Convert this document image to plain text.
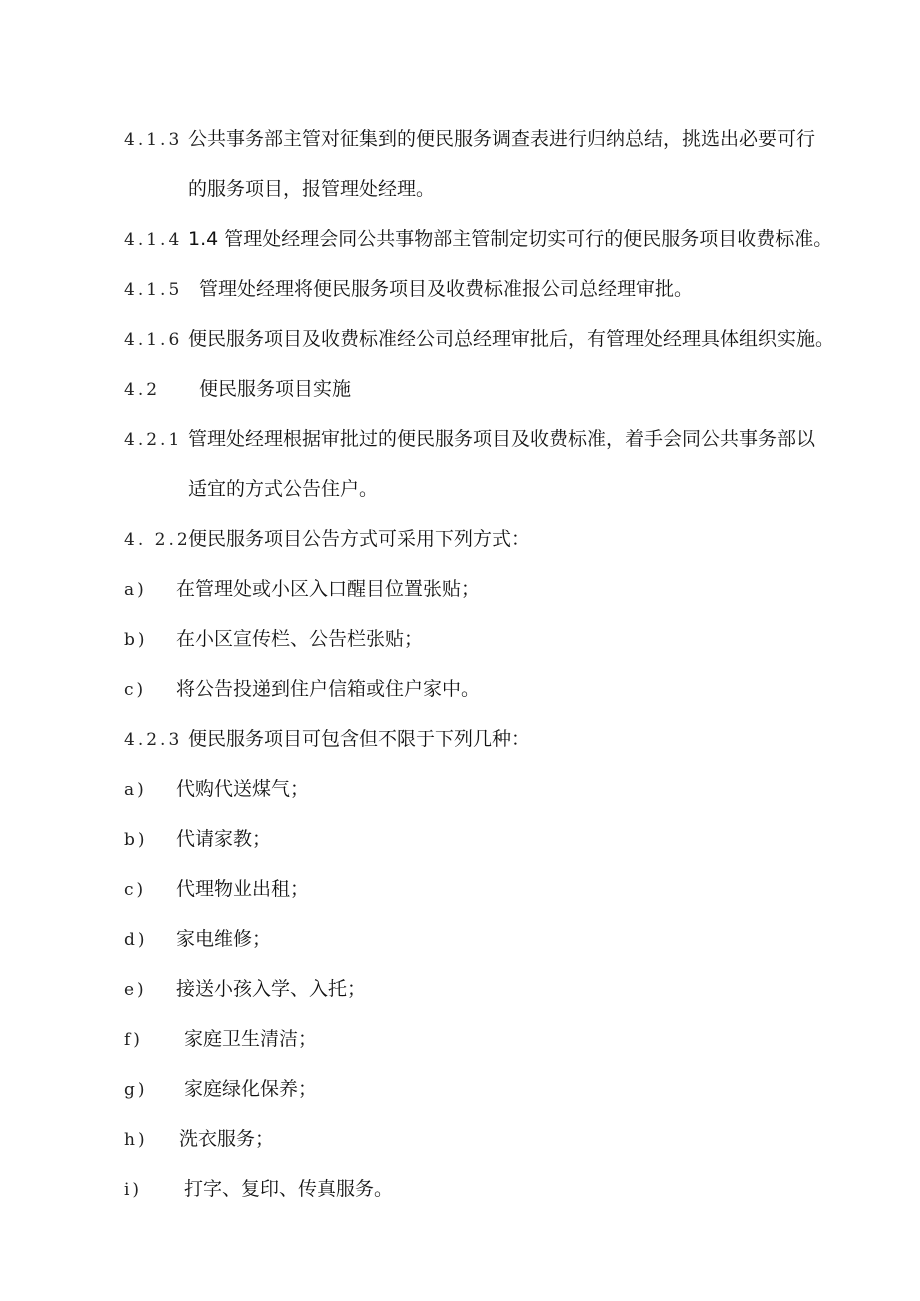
4.1.3 公共事务部主管对征集到的便民服务调查表进行归纳总结，挑选出必要可行
的服务项目，报管理处经理。
4.1.4 1.4 管理处经理会同公共事物部主管制定切实可行的便民服务项目收费标准。
4.1.5 管理处经理将便民服务项目及收费标准报公司总经理审批。
4.1.6 便民服务项目及收费标准经公司总经理审批后，有管理处经理具体组织实施。
4.2 便民服务项目实施
4.2.1 管理处经理根据审批过的便民服务项目及收费标准，着手会同公共事务部以
适宜的方式公告住户。
4. 2.2便民服务项目公告方式可采用下列方式：
a) 在管理处或小区入口醒目位置张贴；
b) 在小区宣传栏、公告栏张贴；
c) 将公告投递到住户信箱或住户家中。
4.2.3 便民服务项目可包含但不限于下列几种：
a) 代购代送煤气；
b) 代请家教；
c) 代理物业出租；
d) 家电维修；
e) 接送小孩入学、入托；
f) 家庭卫生清洁；
g) 家庭绿化保养；
h) 洗衣服务；
i) 打字、复印、传真服务。
